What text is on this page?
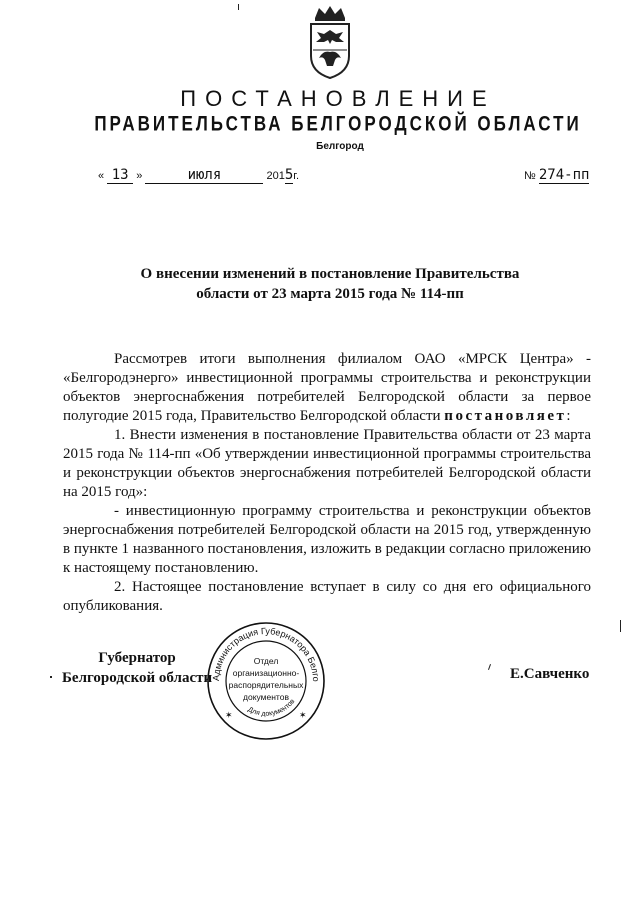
ПОСТАНОВЛЕНИЕ
ПРАВИТЕЛЬСТВА БЕЛГОРОДСКОЙ ОБЛАСТИ
Белгород
« 13 »	июля	2015г.	№ 274-пп
О внесении изменений в постановление Правительства
области от 23 марта 2015 года № 114-пп

Рассмотрев итоги выполнения филиалом ОАО «МРСК Центра» - «Белгородэнерго» инвестиционной программы строительства и реконструкции объектов энергоснабжения потребителей Белгородской области за первое полугодие 2015 года, Правительство Белгородской области постановляет:

1. Внести изменения в постановление Правительства области от 23 марта 2015 года № 114-пп «Об утверждении инвестиционной программы строительства и реконструкции объектов энергоснабжения потребителей Белгородской области на 2015 год»:

- инвестиционную программу строительства и реконструкции объектов энергоснабжения потребителей Белгородской области на 2015 год, утвержденную в пункте 1 названного постановления, изложить в редакции согласно приложению к настоящему постановлению.

2. Настоящее постановление вступает в силу со дня его официального опубликования.

Губернатор
Белгородской области	Е.Савченко
Администрация Губернатора Белго
Для документов
Отдел
организационно-
распорядительных
документов
✶	✶
